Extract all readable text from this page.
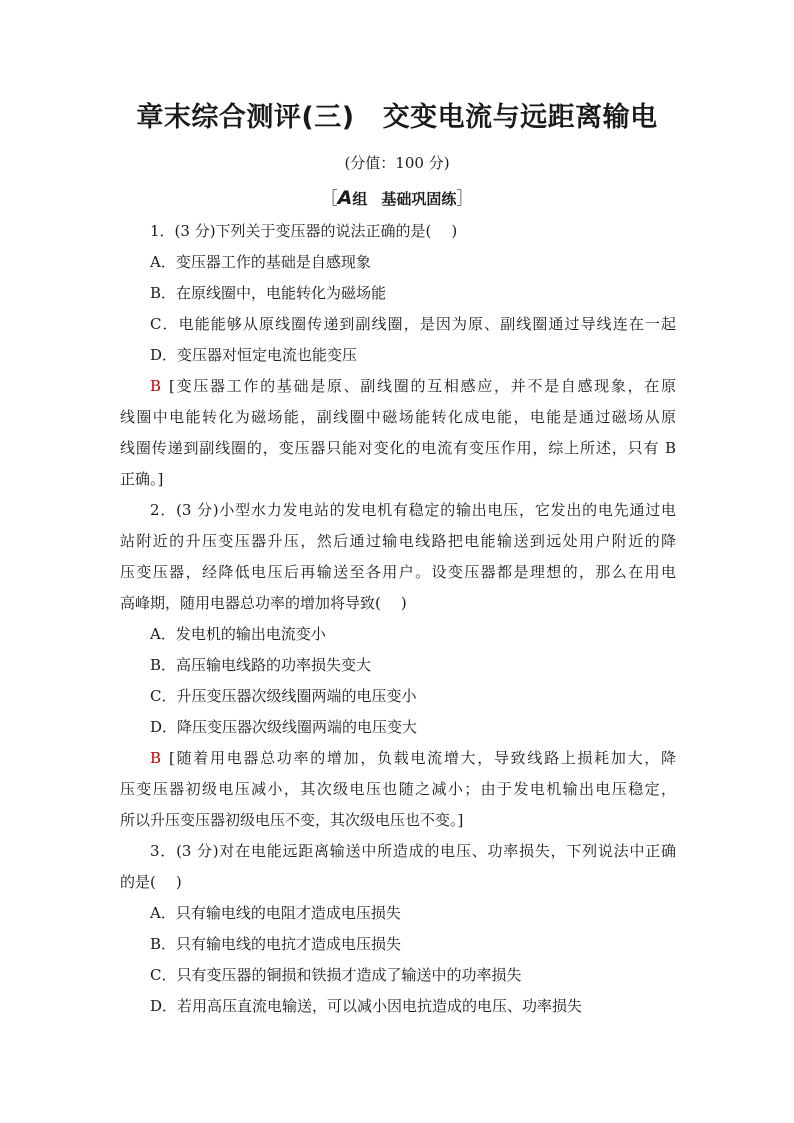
章末综合测评(三) 交变电流与远距离输电
(分值：100 分)
［A组 基础巩固练］
1．(3 分)下列关于变压器的说法正确的是( )
A．变压器工作的基础是自感现象
B．在原线圈中，电能转化为磁场能
C．电能能够从原线圈传递到副线圈，是因为原、副线圈通过导线连在一起
D．变压器对恒定电流也能变压
B [变压器工作的基础是原、副线圈的互相感应，并不是自感现象，在原
线圈中电能转化为磁场能，副线圈中磁场能转化成电能，电能是通过磁场从原
线圈传递到副线圈的，变压器只能对变化的电流有变压作用，综上所述，只有 B
正确。]
2．(3 分)小型水力发电站的发电机有稳定的输出电压，它发出的电先通过电
站附近的升压变压器升压，然后通过输电线路把电能输送到远处用户附近的降
压变压器，经降低电压后再输送至各用户。设变压器都是理想的，那么在用电
高峰期，随用电器总功率的增加将导致( )
A．发电机的输出电流变小
B．高压输电线路的功率损失变大
C．升压变压器次级线圈两端的电压变小
D．降压变压器次级线圈两端的电压变大
B [随着用电器总功率的增加，负载电流增大，导致线路上损耗加大，降
压变压器初级电压减小，其次级电压也随之减小；由于发电机输出电压稳定，
所以升压变压器初级电压不变，其次级电压也不变。]
3．(3 分)对在电能远距离输送中所造成的电压、功率损失，下列说法中正确
的是( )
A．只有输电线的电阻才造成电压损失
B．只有输电线的电抗才造成电压损失
C．只有变压器的铜损和铁损才造成了输送中的功率损失
D．若用高压直流电输送，可以减小因电抗造成的电压、功率损失
